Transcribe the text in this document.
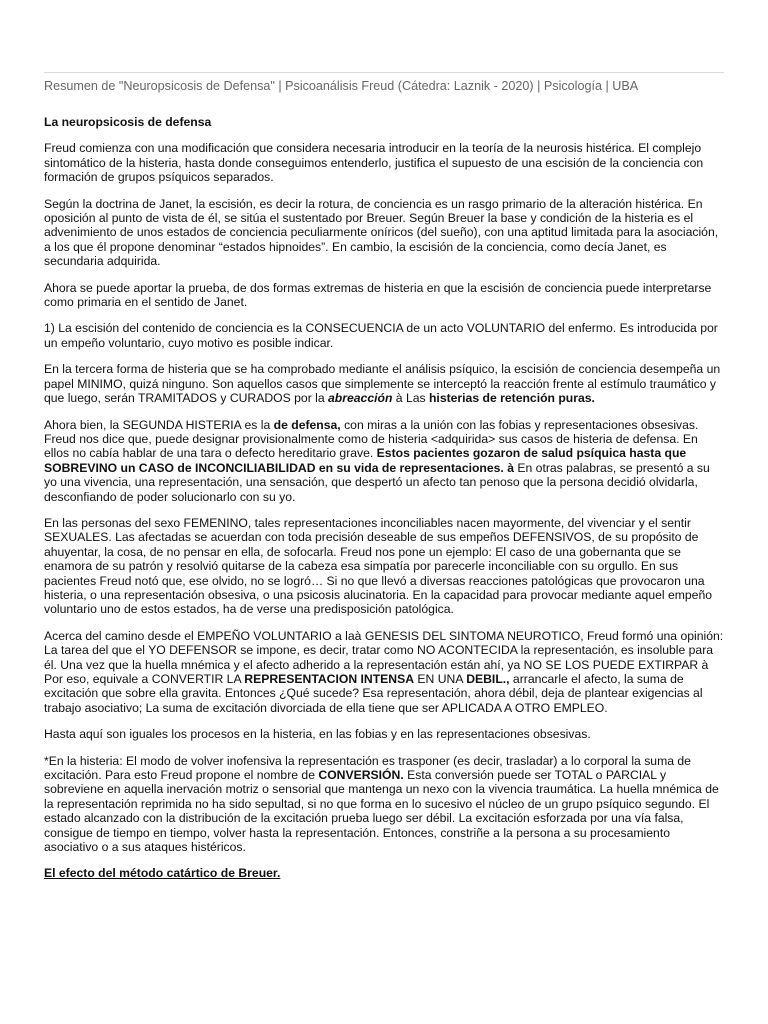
Resumen de "Neuropsicosis de Defensa" | Psicoanálisis Freud (Cátedra: Laznik - 2020) | Psicología | UBA
La neuropsicosis de defensa

Freud comienza con una modificación que considera necesaria introducir en la teoría de la neurosis histérica. El complejo sintomático de la histeria, hasta donde conseguimos entenderlo, justifica el supuesto de una escisión de la conciencia con formación de grupos psíquicos separados.

Según la doctrina de Janet, la escisión, es decir la rotura, de conciencia es un rasgo primario de la alteración histérica. En oposición al punto de vista de él, se sitúa el sustentado por Breuer. Según Breuer la base y condición de la histeria es el advenimiento de unos estados de conciencia peculiarmente oníricos (del sueño), con una aptitud limitada para la asociación, a los que él propone denominar “estados hipnoides”. En cambio, la escisión de la conciencia, como decía Janet, es secundaria adquirida.

Ahora se puede aportar la prueba, de dos formas extremas de histeria en que la escisión de conciencia puede interpretarse como primaria en el sentido de Janet.

1) La escisión del contenido de conciencia es la CONSECUENCIA de un acto VOLUNTARIO del enfermo. Es introducida por un empeño voluntario, cuyo motivo es posible indicar.

En la tercera forma de histeria que se ha comprobado mediante el análisis psíquico, la escisión de conciencia desempeña un papel MINIMO, quizá ninguno. Son aquellos casos que simplemente se interceptó la reacción frente al estímulo traumático y que luego, serán TRAMITADOS y CURADOS por la abreacción à Las histerias de retención puras.

Ahora bien, la SEGUNDA HISTERIA es la de defensa, con miras a la unión con las fobias y representaciones obsesivas. Freud nos dice que, puede designar provisionalmente como de histeria <adquirida> sus casos de histeria de defensa. En ellos no cabía hablar de una tara o defecto hereditario grave. Estos pacientes gozaron de salud psíquica hasta que SOBREVINO un CASO de INCONCILIABILIDAD en su vida de representaciones. à En otras palabras, se presentó a su yo una vivencia, una representación, una sensación, que despertó un afecto tan penoso que la persona decidió olvidarla, desconfiando de poder solucionarlo con su yo.

En las personas del sexo FEMENINO, tales representaciones inconciliables nacen mayormente, del vivenciar y el sentir SEXUALES. Las afectadas se acuerdan con toda precisión deseable de sus empeños DEFENSIVOS, de su propósito de ahuyentar, la cosa, de no pensar en ella, de sofocarla. Freud nos pone un ejemplo: El caso de una gobernanta que se enamora de su patrón y resolvió quitarse de la cabeza esa simpatía por parecerle inconciliable con su orgullo. En sus pacientes Freud notó que, ese olvido, no se logró… Si no que llevó a diversas reacciones patológicas que provocaron una histeria, o una representación obsesiva, o una psicosis alucinatoria. En la capacidad para provocar mediante aquel empeño voluntario uno de estos estados, ha de verse una predisposición patológica.

Acerca del camino desde el EMPEÑO VOLUNTARIO a laà GENESIS DEL SINTOMA NEUROTICO, Freud formó una opinión: La tarea del que el YO DEFENSOR se impone, es decir, tratar como NO ACONTECIDA la representación, es insoluble para él. Una vez que la huella mnémica y el afecto adherido a la representación están ahí, ya NO SE LOS PUEDE EXTIRPAR à Por eso, equivale a CONVERTIR LA REPRESENTACION INTENSA EN UNA DEBIL., arrancarle el afecto, la suma de excitación que sobre ella gravita. Entonces ¿Qué sucede? Esa representación, ahora débil, deja de plantear exigencias al trabajo asociativo; La suma de excitación divorciada de ella tiene que ser APLICADA A OTRO EMPLEO.

Hasta aquí son iguales los procesos en la histeria, en las fobias y en las representaciones obsesivas.

*En la histeria: El modo de volver inofensiva la representación es trasponer (es decir, trasladar) a lo corporal la suma de excitación. Para esto Freud propone el nombre de CONVERSIÓN. Esta conversión puede ser TOTAL o PARCIAL y sobreviene en aquella inervación motriz o sensorial que mantenga un nexo con la vivencia traumática. La huella mnémica de la representación reprimida no ha sido sepultad, si no que forma en lo sucesivo el núcleo de un grupo psíquico segundo. El estado alcanzado con la distribución de la excitación prueba luego ser débil. La excitación esforzada por una vía falsa, consigue de tiempo en tiempo, volver hasta la representación. Entonces, constriñe a la persona a su procesamiento asociativo o a sus ataques histéricos.

El efecto del método catártico de Breuer.
